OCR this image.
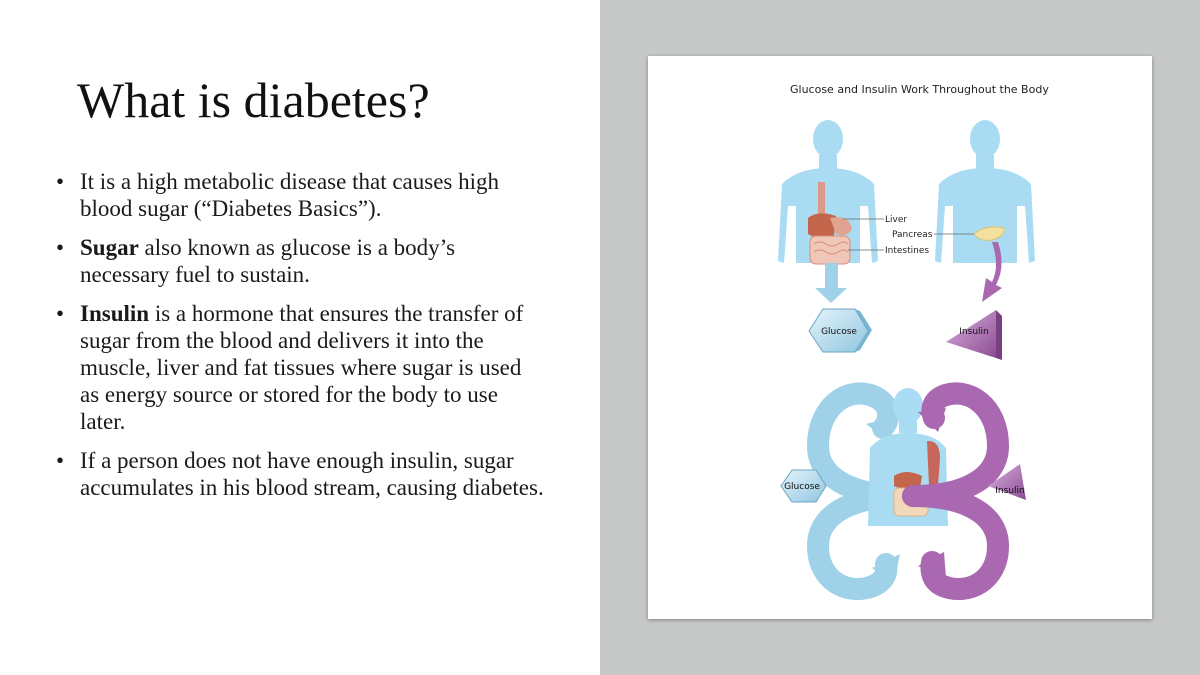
What is diabetes?
• It is a high metabolic disease that causes high blood sugar (“Diabetes Basics”).
• Sugar also known as glucose is a body’s necessary fuel to sustain.
• Insulin is a hormone that ensures the transfer of sugar from the blood and delivers it into the muscle, liver and fat tissues where sugar is used as energy source or stored for the body to use later.
• If a person does not have enough insulin, sugar accumulates in his blood stream, causing diabetes.

Glucose and Insulin Work Throughout the Body

Liver
Pancreas
Intestines
Glucose	Insulin
Glucose	Insulin
